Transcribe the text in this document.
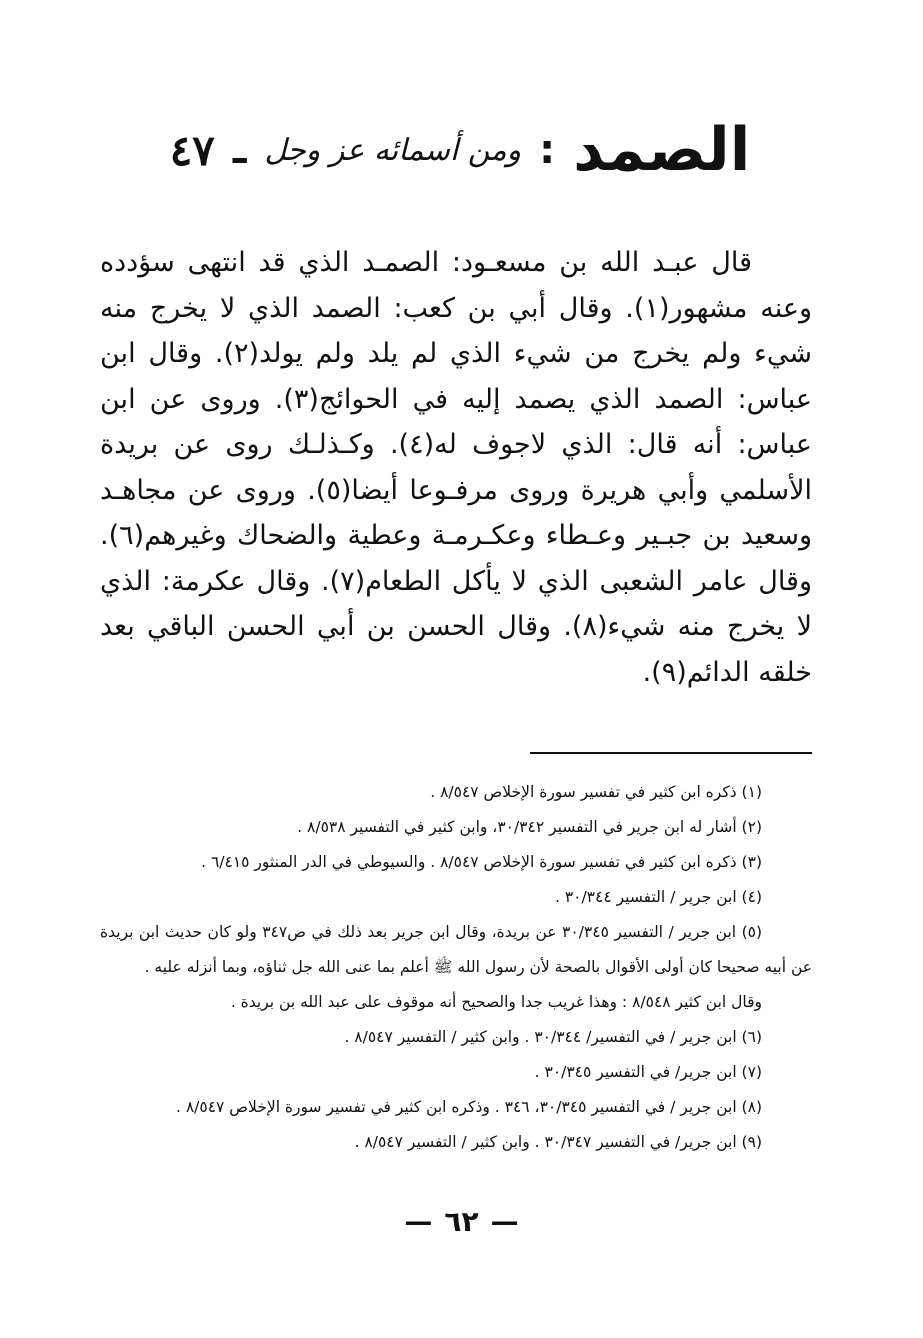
٤٧ ـ ومن أسمائه عز وجل : الصمد

قال عبـد الله بن مسعـود: الصمـد الذي قد انتهى سؤدده وعنه مشهور(١). وقال أبي بن كعب: الصمد الذي لا يخرج منه شيء ولم يخرج من شيء الذي لم يلد ولم يولد(٢). وقال ابن عباس: الصمد الذي يصمد إليه في الحوائج(٣). وروى عن ابن عباس: أنه قال: الذي لاجوف له(٤). وكـذلـك روى عن بريدة الأسلمي وأبي هريرة وروى مرفـوعا أيضا(٥). وروى عن مجاهـد وسعيد بن جبـير وعـطاء وعكـرمـة وعطية والضحاك وغيرهم(٦). وقال عامر الشعبى الذي لا يأكل الطعام(٧). وقال عكرمة: الذي لا يخرج منه شيء(٨). وقال الحسن بن أبي الحسن الباقي بعد خلقه الدائم(٩).

(١) ذكره ابن كثير في تفسير سورة الإخلاص ٨/٥٤٧ .

(٢) أشار له ابن جرير في التفسير ٣٠/٣٤٢، وابن كثير في التفسير ٨/٥٣٨ .

(٣) ذكره ابن كثير في تفسير سورة الإخلاص ٨/٥٤٧ . والسيوطي في الدر المنثور ٦/٤١٥ .

(٤) ابن جرير / التفسير ٣٠/٣٤٤ .

(٥) ابن جرير / التفسير ٣٠/٣٤٥ عن بريدة، وقال ابن جرير بعد ذلك في ص٣٤٧ ولو كان حديث ابن بريدة عن أبيه صحيحا كان أولى الأقوال بالصحة لأن رسول الله ﷺ أعلم بما عنى الله جل ثناؤه، وبما أنزله عليه .

وقال ابن كثير ٨/٥٤٨ : وهذا غريب جدا والصحيح أنه موقوف على عبد الله بن بريدة .

(٦) ابن جرير / في التفسير/ ٣٠/٣٤٤ . وابن كثير / التفسير ٨/٥٤٧ .

(٧) ابن جرير/ في التفسير ٣٠/٣٤٥ .

(٨) ابن جرير / في التفسير ٣٠/٣٤٥، ٣٤٦ . وذكره ابن كثير في تفسير سورة الإخلاص ٨/٥٤٧ .

(٩) ابن جرير/ في التفسير ٣٠/٣٤٧ . وابن كثير / التفسير ٨/٥٤٧ .

— ٦٢ —
